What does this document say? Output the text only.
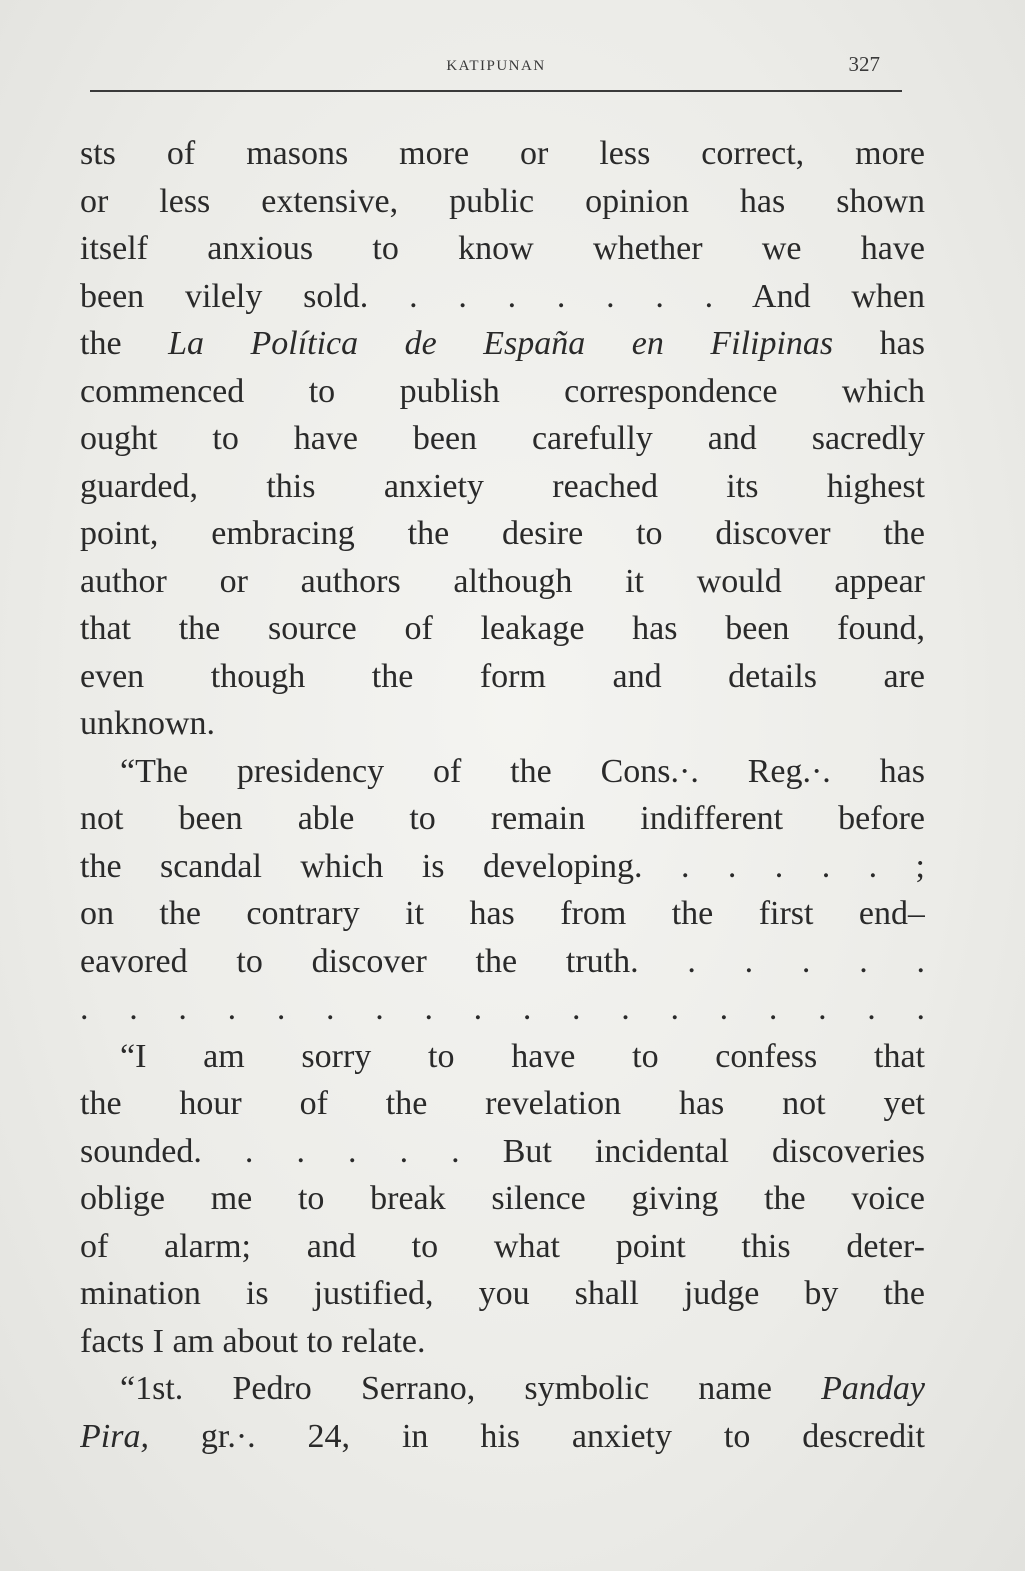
KATIPUNAN	327
sts of masons more or less correct, more
or less extensive, public opinion has shown
itself anxious to know whether we have
been vilely sold. . . . . . . . And when
the La Política de España en Filipinas has
commenced to publish correspondence which
ought to have been carefully and sacredly
guarded, this anxiety reached its highest
point, embracing the desire to discover the
author or authors although it would appear
that the source of leakage has been found,
even though the form and details are
unknown.
“The presidency of the Cons.·. Reg.·. has
not been able to remain indifferent before
the scandal which is developing. . . . . . ;
on the contrary it has from the first end–
eavored to discover the truth. . . . . .
. . . . . . . . . . . . . . . . . .
“I am sorry to have to confess that
the hour of the revelation has not yet
sounded. . . . . . But incidental discoveries
oblige me to break silence giving the voice
of alarm; and to what point this deter-
mination is justified, you shall judge by the
facts I am about to relate.
“1st. Pedro Serrano, symbolic name Panday
Pira, gr.·. 24, in his anxiety to descredit
